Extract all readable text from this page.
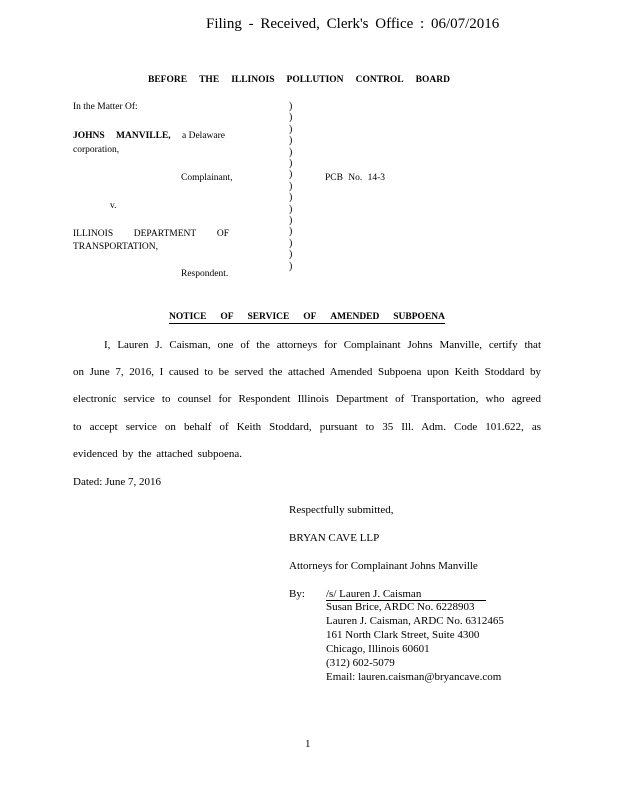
Filing - Received, Clerk's Office : 06/07/2016
BEFORE THE ILLINOIS POLLUTION CONTROL BOARD
In the Matter Of:
JOHNS MANVILLE, a Delaware
corporation,
Complainant,
v.
ILLINOIS DEPARTMENT OF
TRANSPORTATION,
Respondent.
)
)
)
)
)
)
)
)
)
)
)
)
)
)
)
PCB No. 14-3
NOTICE OF SERVICE OF AMENDED SUBPOENA
I, Lauren J. Caisman, one of the attorneys for Complainant Johns Manville, certify that
on June 7, 2016, I caused to be served the attached Amended Subpoena upon Keith Stoddard by
electronic service to counsel for Respondent Illinois Department of Transportation, who agreed
to accept service on behalf of Keith Stoddard, pursuant to 35 Ill. Adm. Code 101.622, as
evidenced by the attached subpoena.
Dated: June 7, 2016
Respectfully submitted,
BRYAN CAVE LLP
Attorneys for Complainant Johns Manville
By: /s/ Lauren J. Caisman
Susan Brice, ARDC No. 6228903
Lauren J. Caisman, ARDC No. 6312465
161 North Clark Street, Suite 4300
Chicago, Illinois 60601
(312) 602-5079
Email: lauren.caisman@bryancave.com
1
